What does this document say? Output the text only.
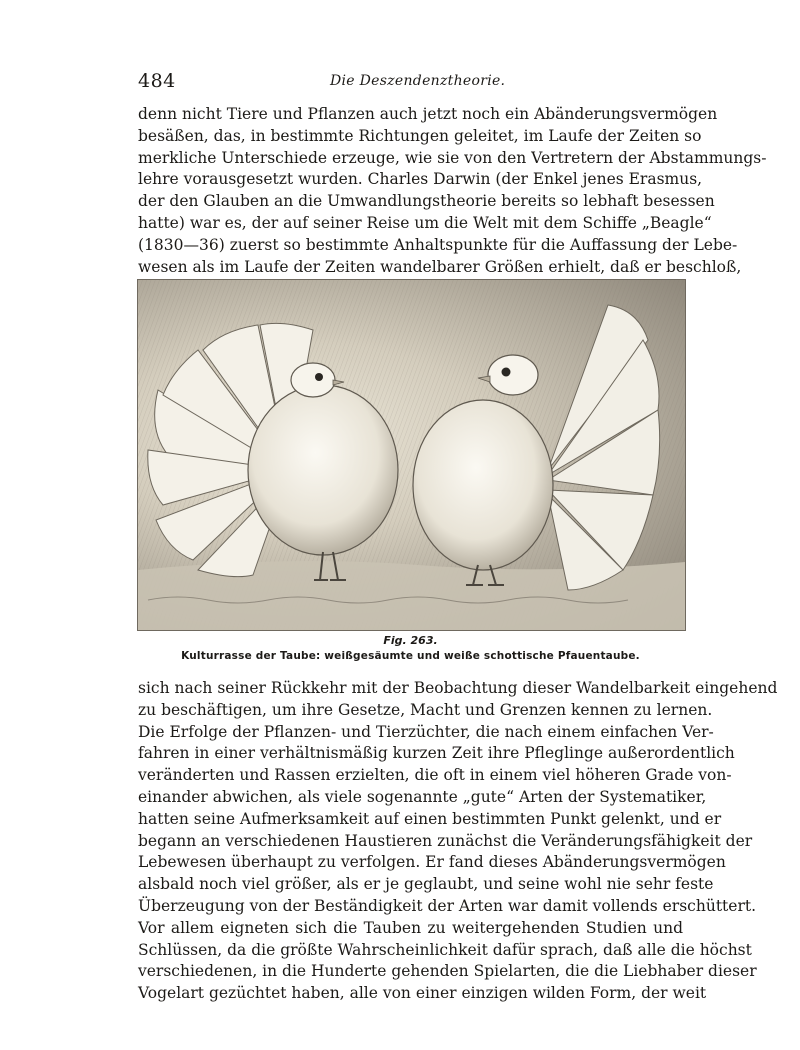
484	Die Deszendenztheorie.
denn nicht Tiere und Pflanzen auch jetzt noch ein Abänderungsvermögen
besäßen, das, in bestimmte Richtungen geleitet, im Laufe der Zeiten so
merkliche Unterschiede erzeuge, wie sie von den Vertretern der Abstammungs-
lehre vorausgesetzt wurden. Charles Darwin (der Enkel jenes Erasmus,
der den Glauben an die Umwandlungstheorie bereits so lebhaft besessen
hatte) war es, der auf seiner Reise um die Welt mit dem Schiffe „Beagle“
(1830—36) zuerst so bestimmte Anhaltspunkte für die Auffassung der Lebe-
wesen als im Laufe der Zeiten wandelbarer Größen erhielt, daß er beschloß,
Fig. 263.
Kulturrasse der Taube: weißgesäumte und weiße schottische Pfauentaube.
sich nach seiner Rückkehr mit der Beobachtung dieser Wandelbarkeit eingehend
zu beschäftigen, um ihre Gesetze, Macht und Grenzen kennen zu lernen.
Die Erfolge der Pflanzen- und Tierzüchter, die nach einem einfachen Ver-
fahren in einer verhältnismäßig kurzen Zeit ihre Pfleglinge außerordentlich
veränderten und Rassen erzielten, die oft in einem viel höheren Grade von-
einander abwichen, als viele sogenannte „gute“ Arten der Systematiker,
hatten seine Aufmerksamkeit auf einen bestimmten Punkt gelenkt, und er
begann an verschiedenen Haustieren zunächst die Veränderungsfähigkeit der
Lebewesen überhaupt zu verfolgen. Er fand dieses Abänderungsvermögen
alsbald noch viel größer, als er je geglaubt, und seine wohl nie sehr feste
Überzeugung von der Beständigkeit der Arten war damit vollends erschüttert.
Vor allem eigneten sich die Tauben zu weitergehenden Studien und
Schlüssen, da die größte Wahrscheinlichkeit dafür sprach, daß alle die höchst
verschiedenen, in die Hunderte gehenden Spielarten, die die Liebhaber dieser
Vogelart gezüchtet haben, alle von einer einzigen wilden Form, der weit
